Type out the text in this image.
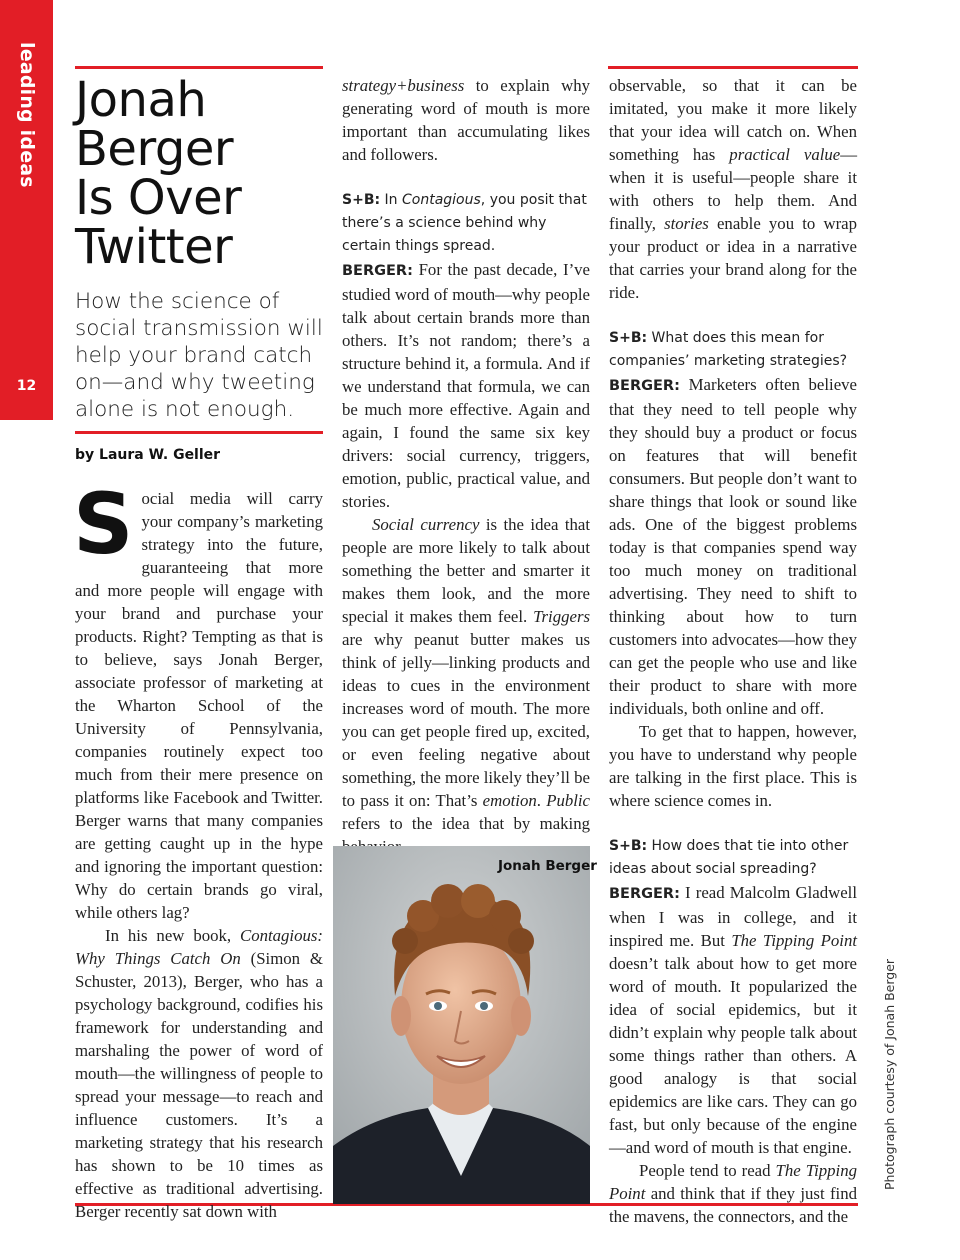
leading ideas
12
Jonah
Berger
Is Over
Twitter
How the science of social transmission will help your brand catch on—and why tweeting alone is not enough.
by Laura W. Geller

Social media will carry your company’s marketing strategy into the future, guaranteeing that more and more people will engage with your brand and purchase your products. Right? Tempting as that is to believe, says Jonah Berger, associate professor of marketing at the Wharton School of the University of Pennsylvania, companies routinely expect too much from their mere presence on platforms like Facebook and Twitter. Berger warns that many companies are getting caught up in the hype and ignoring the important question: Why do certain brands go viral, while others lag?

In his new book, Contagious: Why Things Catch On (Simon & Schuster, 2013), Berger, who has a psychology background, codifies his framework for understanding and marshaling the power of word of mouth—the willingness of people to spread your message—to reach and influence customers. It’s a marketing strategy that his research has shown to be 10 times as effective as traditional advertising. Berger recently sat down with

strategy+business to explain why generating word of mouth is more important than accumulating likes and followers.

S+B: In Contagious, you posit that there’s a science behind why certain things spread.

BERGER: For the past decade, I’ve studied word of mouth—why people talk about certain brands more than others. It’s not random; there’s a structure behind it, a formula. And if we understand that formula, we can be much more effective. Again and again, I found the same six key drivers: social currency, triggers, emotion, public, practical value, and stories.

Social currency is the idea that people are more likely to talk about something the better and smarter it makes them look, and the more special it makes them feel. Triggers are why peanut butter makes us think of jelly—linking products and ideas to cues in the environment increases word of mouth. The more you can get people fired up, excited, or even feeling negative about something, the more likely they’ll be to pass it on: That’s emotion. Public refers to the idea that by making

Jonah Berger

observable, so that it can be imitated, you make it more likely that your idea will catch on. When something has practical value—when it is useful—people share it with others to help them. And finally, stories enable you to wrap your product or idea in a narrative that carries your brand along for the ride.

S+B: What does this mean for companies’ marketing strategies?

BERGER: Marketers often believe that they need to tell people why they should buy a product or focus on features that will benefit consumers. But people don’t want to share things that look or sound like ads. One of the biggest problems today is that companies spend way too much money on traditional advertising. They need to shift to thinking about how to turn customers into advocates—how they can get the people who use and like their product to share with more individuals, both online and off.

To get that to happen, however, you have to understand why people are talking in the first place. This is where science comes in.

S+B: How does that tie into other ideas about social spreading?

BERGER: I read Malcolm Gladwell when I was in college, and it inspired me. But The Tipping Point doesn’t talk about how to get more word of mouth. It popularized the idea of social epidemics, but it didn’t explain why people talk about some things rather than others. A good analogy is that social epidemics are like cars. They can go fast, but only because of the engine—and word of mouth is that engine.

People tend to read The Tipping Point and think that if they just find the mavens, the connectors, and the

Photograph courtesy of Jonah Berger
